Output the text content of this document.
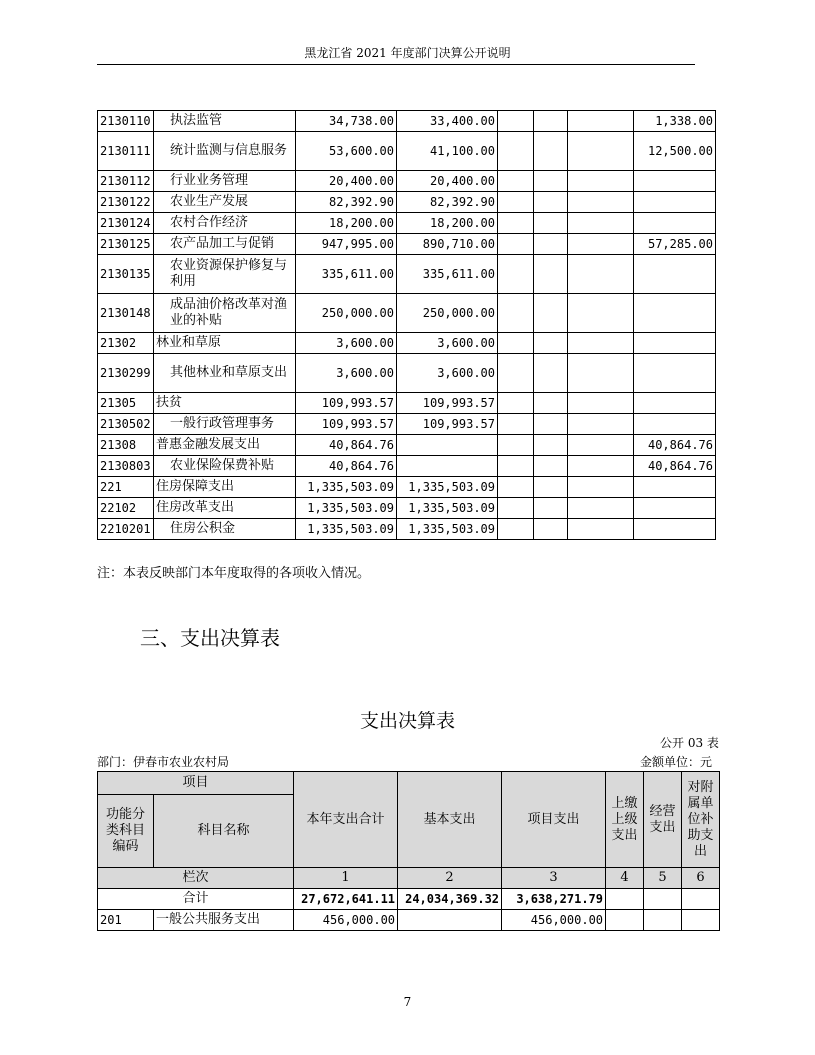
黑龙江省 2021 年度部门决算公开说明
2130110	执法监管	34,738.00	33,400.00				1,338.00
2130111	统计监测与信息服务	53,600.00	41,100.00				12,500.00
2130112	行业业务管理	20,400.00	20,400.00				
2130122	农业生产发展	82,392.90	82,392.90				
2130124	农村合作经济	18,200.00	18,200.00				
2130125	农产品加工与促销	947,995.00	890,710.00				57,285.00
2130135	农业资源保护修复与利用	335,611.00	335,611.00				
2130148	成品油价格改革对渔业的补贴	250,000.00	250,000.00				
21302	林业和草原	3,600.00	3,600.00				
2130299	其他林业和草原支出	3,600.00	3,600.00				
21305	扶贫	109,993.57	109,993.57				
2130502	一般行政管理事务	109,993.57	109,993.57				
21308	普惠金融发展支出	40,864.76					40,864.76
2130803	农业保险保费补贴	40,864.76					40,864.76
221	住房保障支出	1,335,503.09	1,335,503.09				
22102	住房改革支出	1,335,503.09	1,335,503.09				
2210201	住房公积金	1,335,503.09	1,335,503.09				
注：本表反映部门本年度取得的各项收入情况。
三、支出决算表
支出决算表
公开 03 表
部门：伊春市农业农村局	金额单位：元
项目		本年支出合计	基本支出	项目支出	上缴上级支出	经营支出	对附属单位补助支出
功能分类科目编码	科目名称						
栏次		1	2	3	4	5	6
合计		27,672,641.11	24,034,369.32	3,638,271.79			
201	一般公共服务支出	456,000.00		456,000.00			
7
